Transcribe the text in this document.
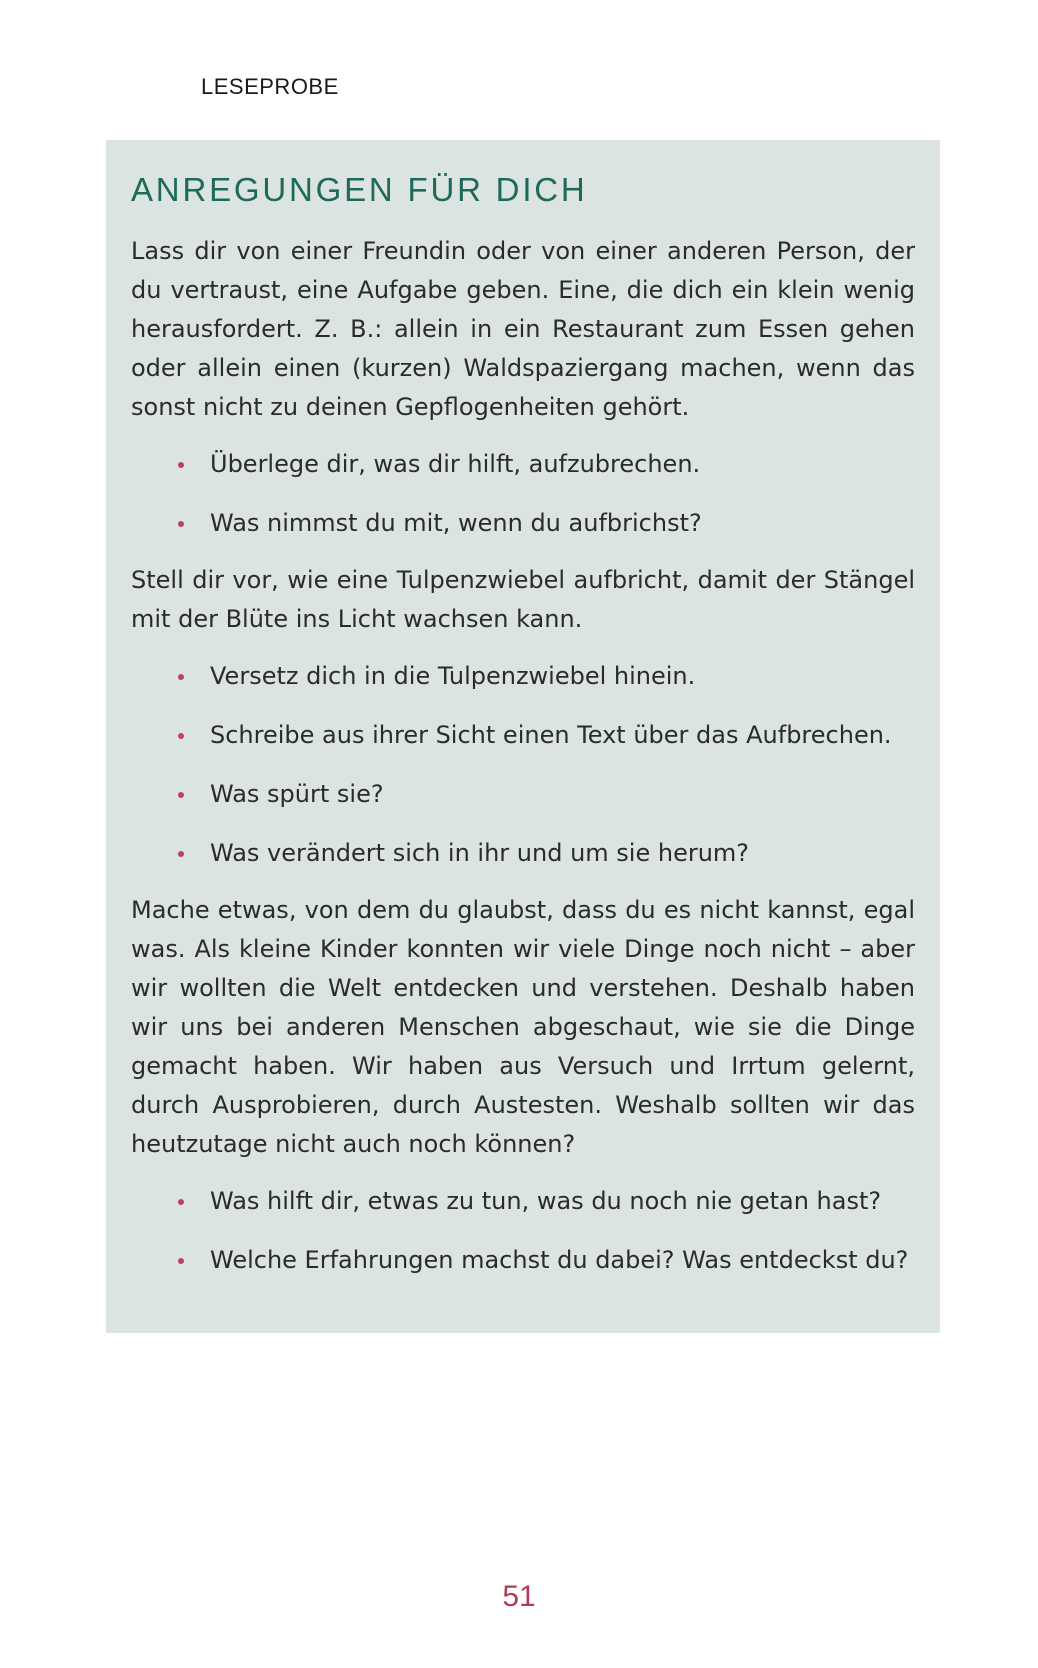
LESEPROBE
ANREGUNGEN FÜR DICH

Lass dir von einer Freundin oder von einer anderen Person, der du vertraust, eine Aufgabe geben. Eine, die dich ein klein wenig herausfordert. Z. B.: allein in ein Restaurant zum Essen gehen oder allein einen (kurzen) Waldspaziergang machen, wenn das sonst nicht zu deinen Gepflogenheiten gehört.

Überlege dir, was dir hilft, aufzubrechen.
Was nimmst du mit, wenn du aufbrichst?

Stell dir vor, wie eine Tulpenzwiebel aufbricht, damit der Stängel mit der Blüte ins Licht wachsen kann.

Versetz dich in die Tulpenzwiebel hinein.
Schreibe aus ihrer Sicht einen Text über das Aufbrechen.
Was spürt sie?
Was verändert sich in ihr und um sie herum?

Mache etwas, von dem du glaubst, dass du es nicht kannst, egal was. Als kleine Kinder konnten wir viele Dinge noch nicht – aber wir wollten die Welt entdecken und verstehen. Deshalb haben wir uns bei anderen Menschen abgeschaut, wie sie die Dinge gemacht haben. Wir haben aus Versuch und Irrtum gelernt, durch Ausprobieren, durch Austesten. Weshalb sollten wir das heutzutage nicht auch noch können?

Was hilft dir, etwas zu tun, was du noch nie getan hast?
Welche Erfahrungen machst du dabei? Was entdeckst du?
51
